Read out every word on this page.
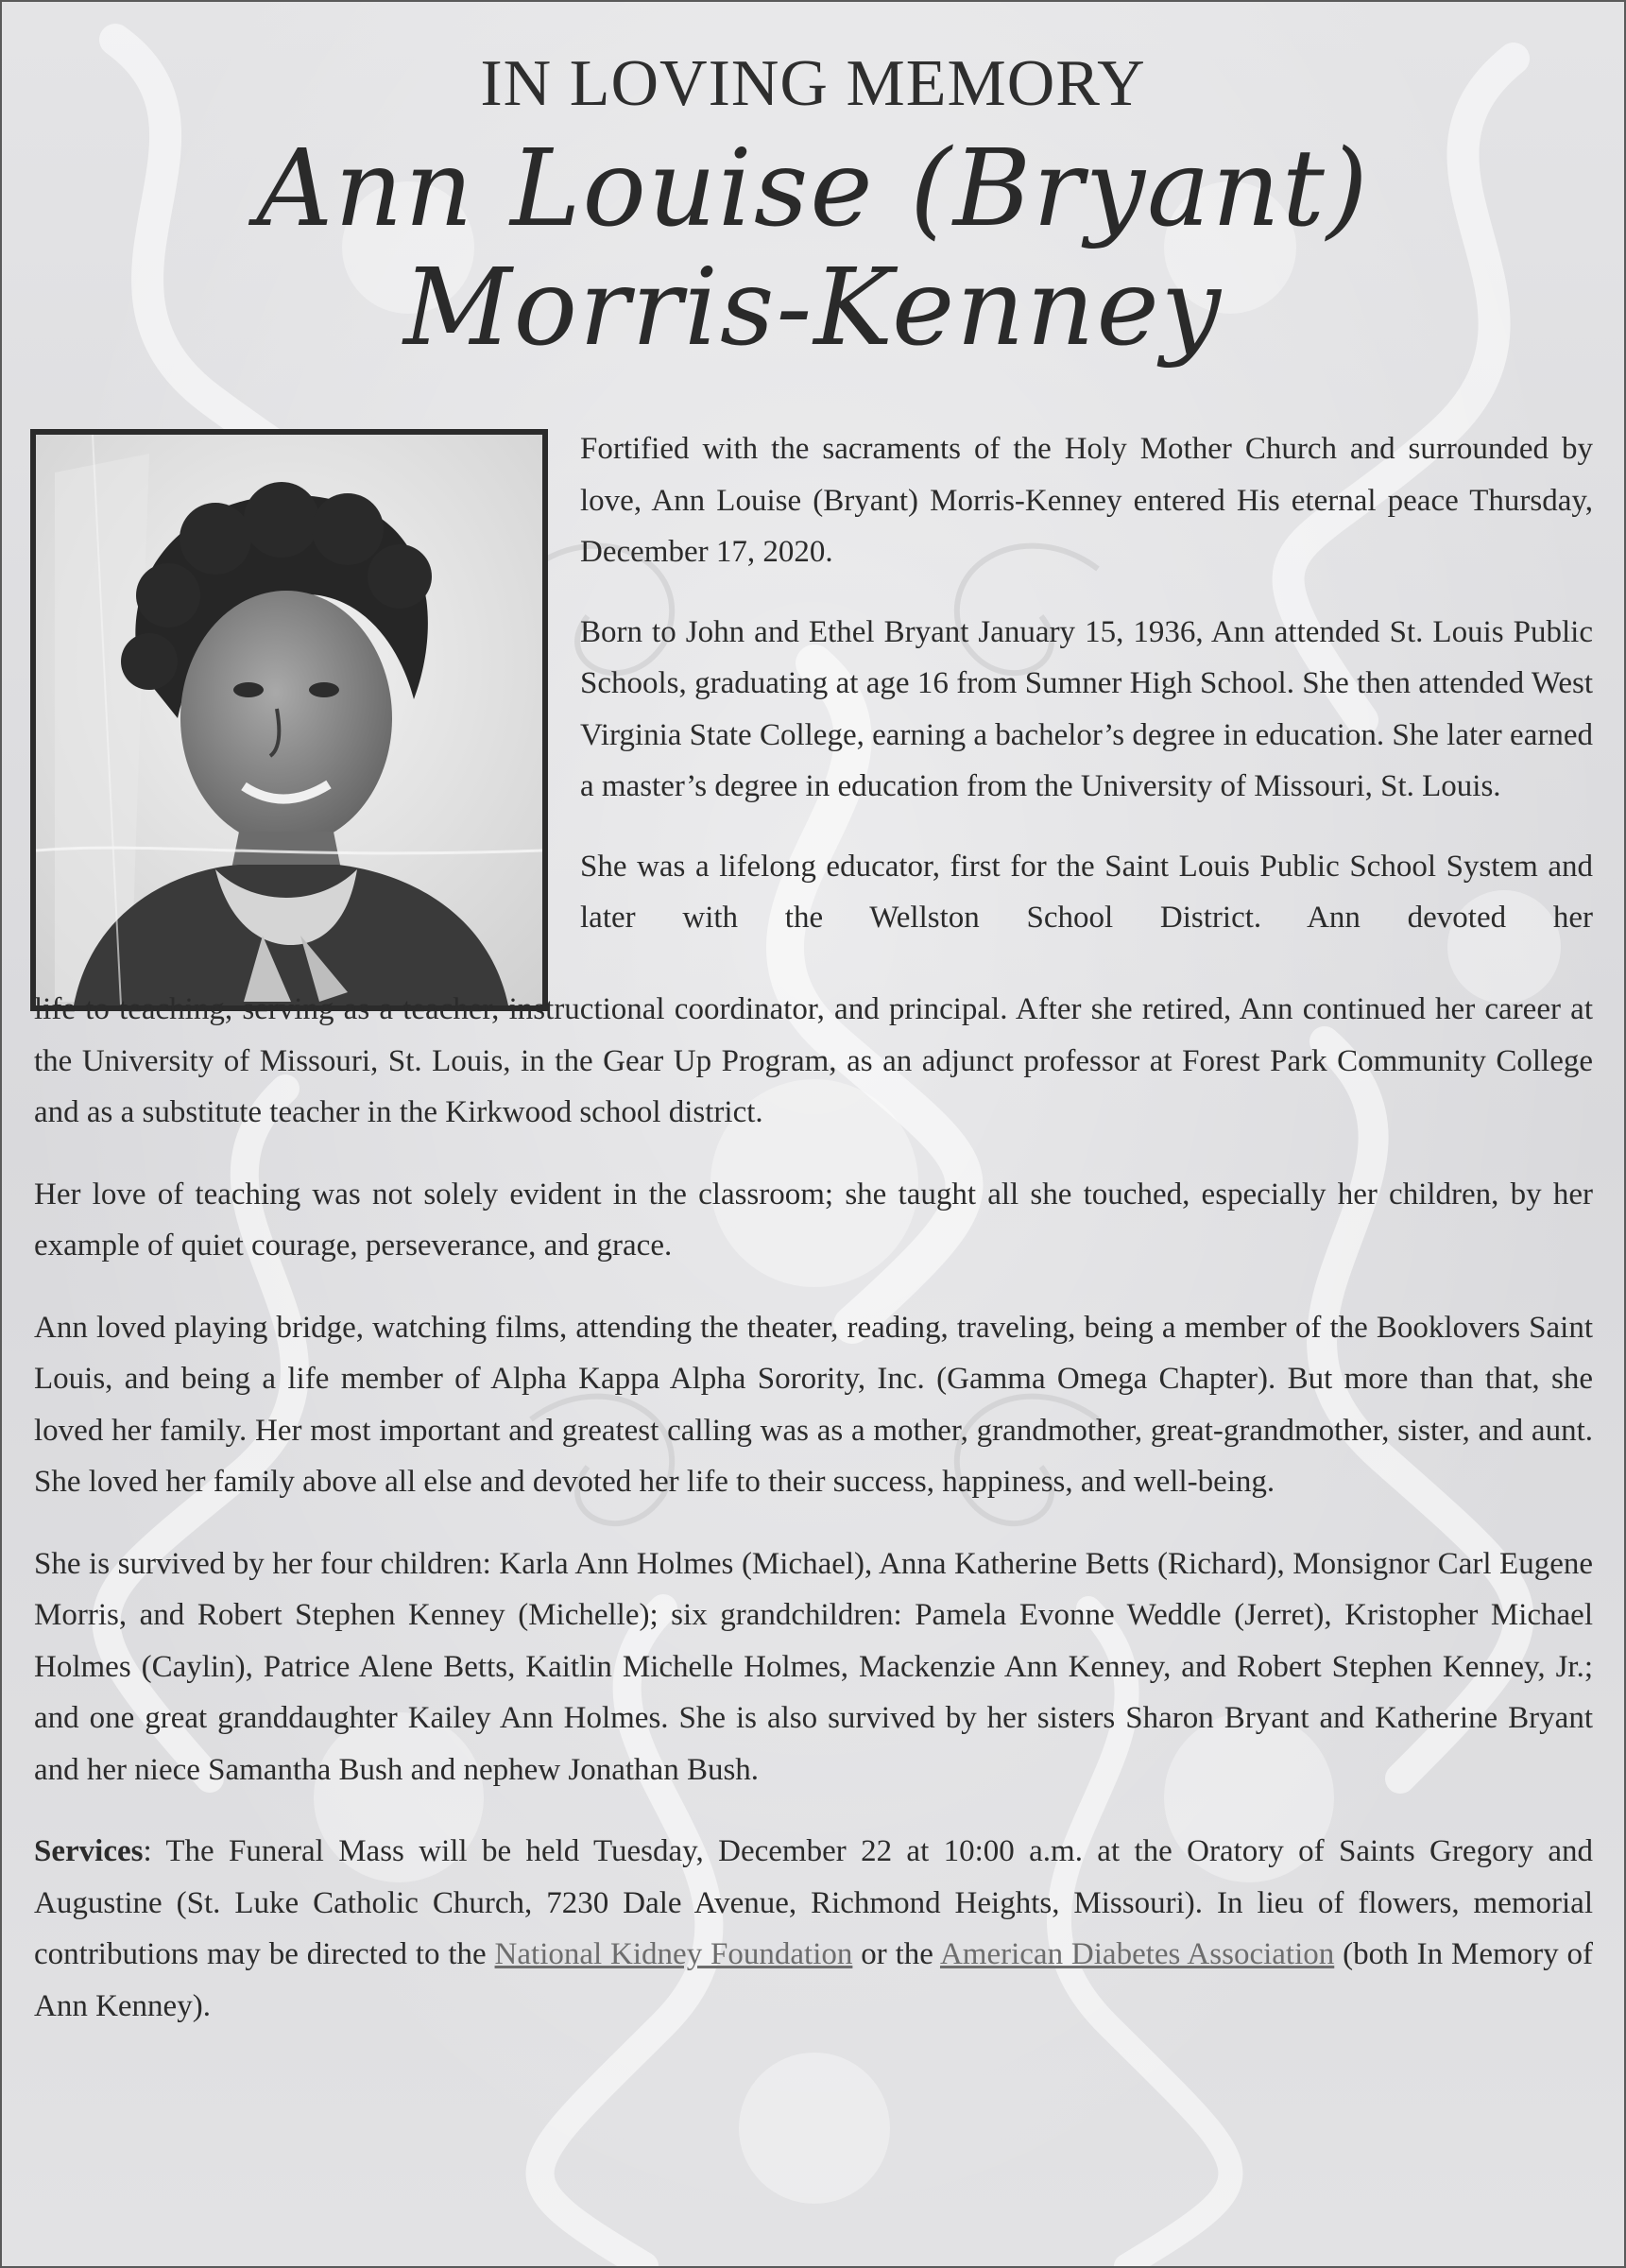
IN LOVING MEMORY
Ann Louise (Bryant)
Morris-Kenney

Fortified with the sacraments of the Holy Mother Church and surrounded by love, Ann Louise (Bryant) Morris-Kenney entered His eternal peace Thursday, December 17, 2020.

Born to John and Ethel Bryant January 15, 1936, Ann attended St. Louis Public Schools, graduating at age 16 from Sumner High School. She then attended West Virginia State College, earning a bachelor’s degree in education. She later earned a master’s degree in education from the University of Missouri, St. Louis.

She was a lifelong educator, first for the Saint Louis Public School System and later with the Wellston School District. Ann devoted her

life to teaching, serving as a teacher, instructional coordinator, and principal. After she retired, Ann continued her career at the University of Missouri, St. Louis, in the Gear Up Program, as an adjunct professor at Forest Park Community College and as a substitute teacher in the Kirkwood school district.

Her love of teaching was not solely evident in the classroom; she taught all she touched, especially her children, by her example of quiet courage, perseverance, and grace.

Ann loved playing bridge, watching films, attending the theater, reading, traveling, being a member of the Booklovers Saint Louis, and being a life member of Alpha Kappa Alpha Sorority, Inc. (Gamma Omega Chapter). But more than that, she loved her family. Her most important and greatest calling was as a mother, grandmother, great-grandmother, sister, and aunt. She loved her family above all else and devoted her life to their success, happiness, and well-being.

She is survived by her four children: Karla Ann Holmes (Michael), Anna Katherine Betts (Richard), Monsignor Carl Eugene Morris, and Robert Stephen Kenney (Michelle); six grandchildren: Pamela Evonne Weddle (Jerret), Kristopher Michael Holmes (Caylin), Patrice Alene Betts, Kaitlin Michelle Holmes, Mackenzie Ann Kenney, and Robert Stephen Kenney, Jr.; and one great granddaughter Kailey Ann Holmes. She is also survived by her sisters Sharon Bryant and Katherine Bryant and her niece Samantha Bush and nephew Jonathan Bush.

Services: The Funeral Mass will be held Tuesday, December 22 at 10:00 a.m. at the Oratory of Saints Gregory and Augustine (St. Luke Catholic Church, 7230 Dale Avenue, Richmond Heights, Missouri). In lieu of flowers, memorial contributions may be directed to the National Kidney Foundation or the American Diabetes Association (both In Memory of Ann Kenney).
